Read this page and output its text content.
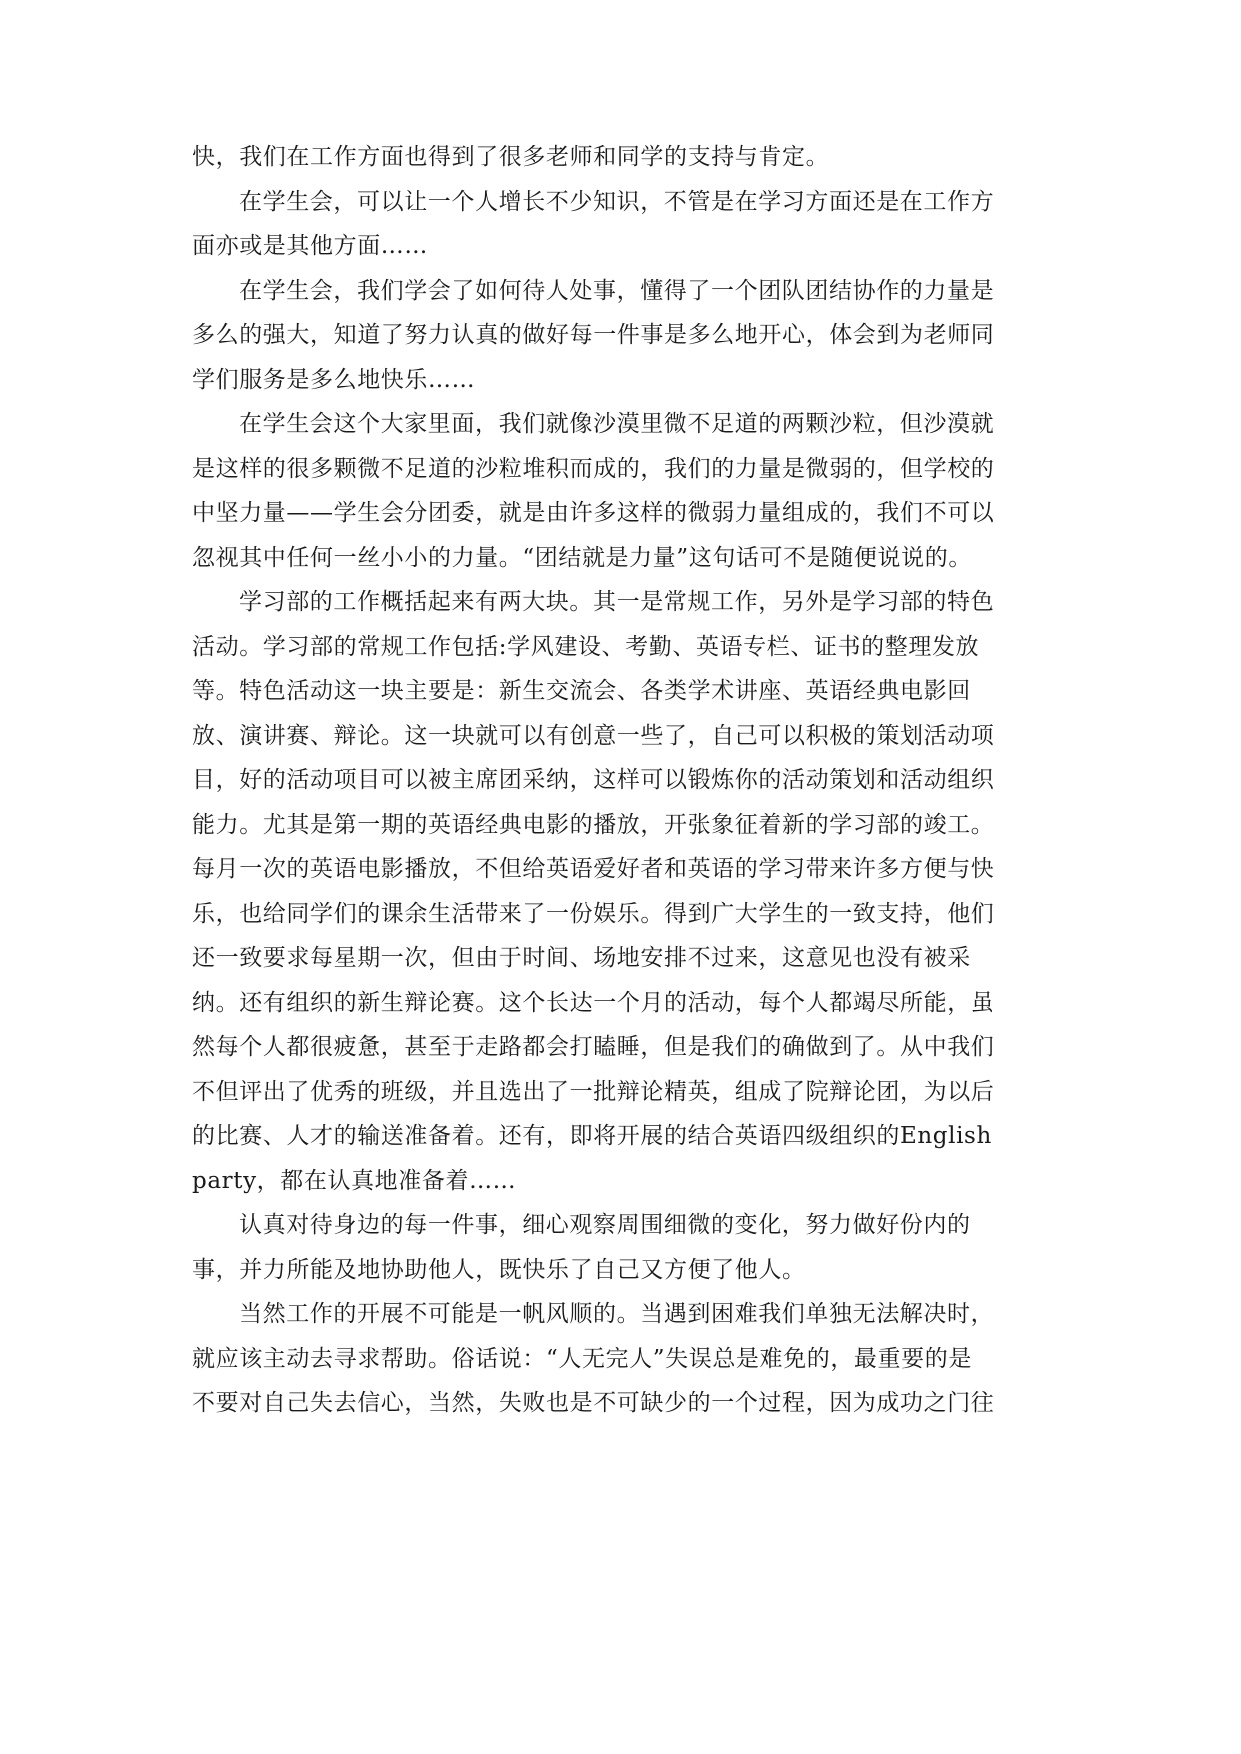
快，我们在工作方面也得到了很多老师和同学的支持与肯定。
在学生会，可以让一个人增长不少知识，不管是在学习方面还是在工作方
面亦或是其他方面……
在学生会，我们学会了如何待人处事，懂得了一个团队团结协作的力量是
多么的强大，知道了努力认真的做好每一件事是多么地开心，体会到为老师同
学们服务是多么地快乐……
在学生会这个大家里面，我们就像沙漠里微不足道的两颗沙粒，但沙漠就
是这样的很多颗微不足道的沙粒堆积而成的，我们的力量是微弱的，但学校的
中坚力量——学生会分团委，就是由许多这样的微弱力量组成的，我们不可以
忽视其中任何一丝小小的力量。“团结就是力量”这句话可不是随便说说的。
学习部的工作概括起来有两大块。其一是常规工作，另外是学习部的特色
活动。学习部的常规工作包括:学风建设、考勤、英语专栏、证书的整理发放
等。特色活动这一块主要是：新生交流会、各类学术讲座、英语经典电影回
放、演讲赛、辩论。这一块就可以有创意一些了，自己可以积极的策划活动项
目，好的活动项目可以被主席团采纳，这样可以锻炼你的活动策划和活动组织
能力。尤其是第一期的英语经典电影的播放，开张象征着新的学习部的竣工。
每月一次的英语电影播放，不但给英语爱好者和英语的学习带来许多方便与快
乐，也给同学们的课余生活带来了一份娱乐。得到广大学生的一致支持，他们
还一致要求每星期一次，但由于时间、场地安排不过来，这意见也没有被采
纳。还有组织的新生辩论赛。这个长达一个月的活动，每个人都竭尽所能，虽
然每个人都很疲惫，甚至于走路都会打瞌睡，但是我们的确做到了。从中我们
不但评出了优秀的班级，并且选出了一批辩论精英，组成了院辩论团，为以后
的比赛、人才的输送准备着。还有，即将开展的结合英语四级组织的English
party，都在认真地准备着……
认真对待身边的每一件事，细心观察周围细微的变化，努力做好份内的
事，并力所能及地协助他人，既快乐了自己又方便了他人。
当然工作的开展不可能是一帆风顺的。当遇到困难我们单独无法解决时，
就应该主动去寻求帮助。俗话说：“人无完人”失误总是难免的，最重要的是
不要对自己失去信心，当然，失败也是不可缺少的一个过程，因为成功之门往
